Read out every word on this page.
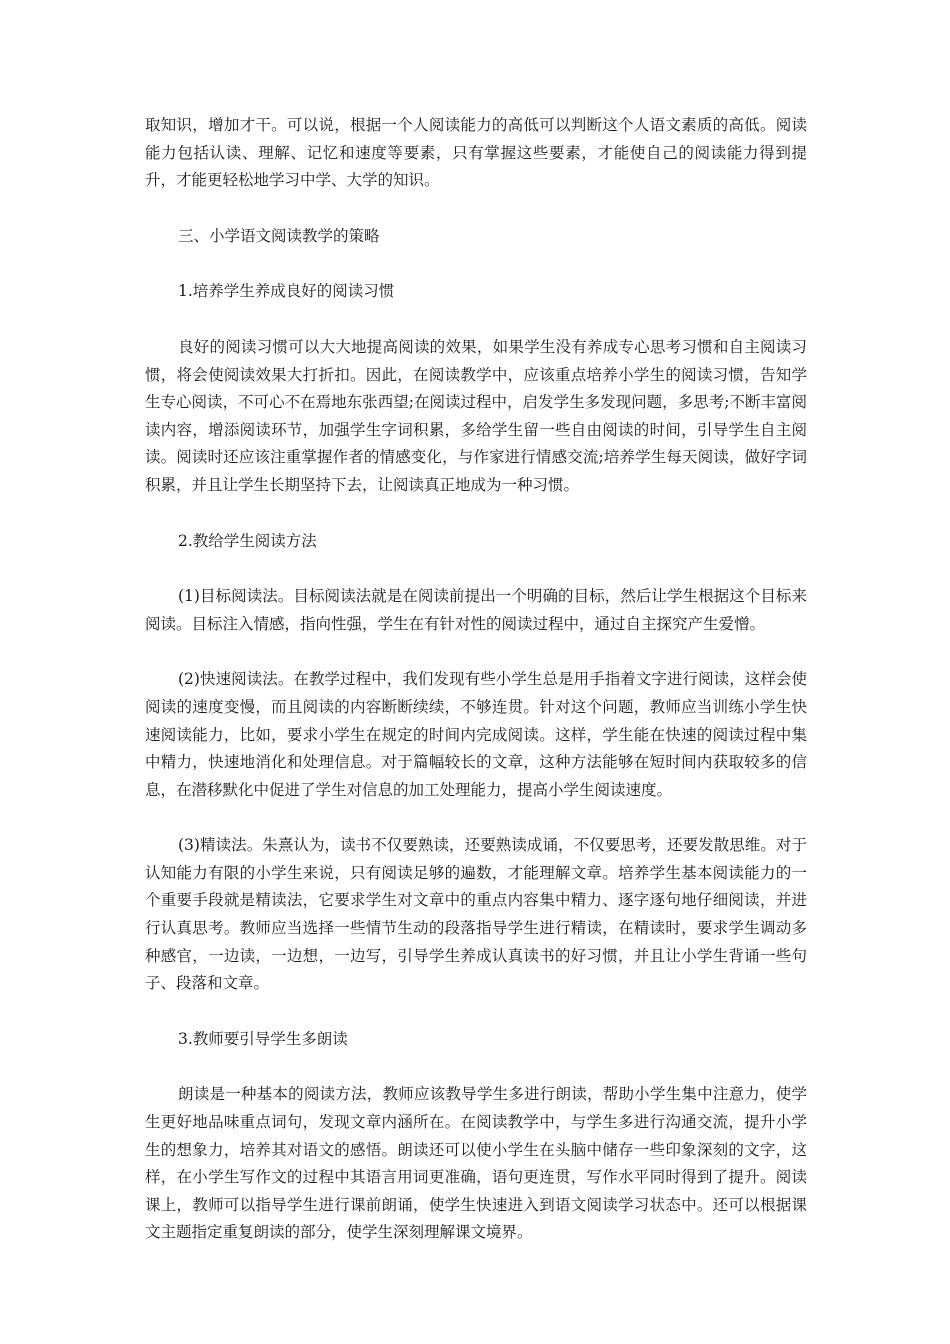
取知识，增加才干。可以说，根据一个人阅读能力的高低可以判断这个人语文素质的高低。阅读能力包括认读、理解、记忆和速度等要素，只有掌握这些要素，才能使自己的阅读能力得到提升，才能更轻松地学习中学、大学的知识。

三、小学语文阅读教学的策略

1.培养学生养成良好的阅读习惯

良好的阅读习惯可以大大地提高阅读的效果，如果学生没有养成专心思考习惯和自主阅读习惯，将会使阅读效果大打折扣。因此，在阅读教学中，应该重点培养小学生的阅读习惯，告知学生专心阅读，不可心不在焉地东张西望;在阅读过程中，启发学生多发现问题，多思考;不断丰富阅读内容，增添阅读环节，加强学生字词积累，多给学生留一些自由阅读的时间，引导学生自主阅读。阅读时还应该注重掌握作者的情感变化，与作家进行情感交流;培养学生每天阅读，做好字词积累，并且让学生长期坚持下去，让阅读真正地成为一种习惯。

2.教给学生阅读方法

(1)目标阅读法。目标阅读法就是在阅读前提出一个明确的目标，然后让学生根据这个目标来阅读。目标注入情感，指向性强，学生在有针对性的阅读过程中，通过自主探究产生爱憎。

(2)快速阅读法。在教学过程中，我们发现有些小学生总是用手指着文字进行阅读，这样会使阅读的速度变慢，而且阅读的内容断断续续，不够连贯。针对这个问题，教师应当训练小学生快速阅读能力，比如，要求小学生在规定的时间内完成阅读。这样，学生能在快速的阅读过程中集中精力，快速地消化和处理信息。对于篇幅较长的文章，这种方法能够在短时间内获取较多的信息，在潜移默化中促进了学生对信息的加工处理能力，提高小学生阅读速度。

(3)精读法。朱熹认为，读书不仅要熟读，还要熟读成诵，不仅要思考，还要发散思维。对于认知能力有限的小学生来说，只有阅读足够的遍数，才能理解文章。培养学生基本阅读能力的一个重要手段就是精读法，它要求学生对文章中的重点内容集中精力、逐字逐句地仔细阅读，并进行认真思考。教师应当选择一些情节生动的段落指导学生进行精读，在精读时，要求学生调动多种感官，一边读，一边想，一边写，引导学生养成认真读书的好习惯，并且让小学生背诵一些句子、段落和文章。

3.教师要引导学生多朗读

朗读是一种基本的阅读方法，教师应该教导学生多进行朗读，帮助小学生集中注意力，使学生更好地品味重点词句，发现文章内涵所在。在阅读教学中，与学生多进行沟通交流，提升小学生的想象力，培养其对语文的感悟。朗读还可以使小学生在头脑中储存一些印象深刻的文字，这样，在小学生写作文的过程中其语言用词更准确，语句更连贯，写作水平同时得到了提升。阅读课上，教师可以指导学生进行课前朗诵，使学生快速进入到语文阅读学习状态中。还可以根据课文主题指定重复朗读的部分，使学生深刻理解课文境界。
